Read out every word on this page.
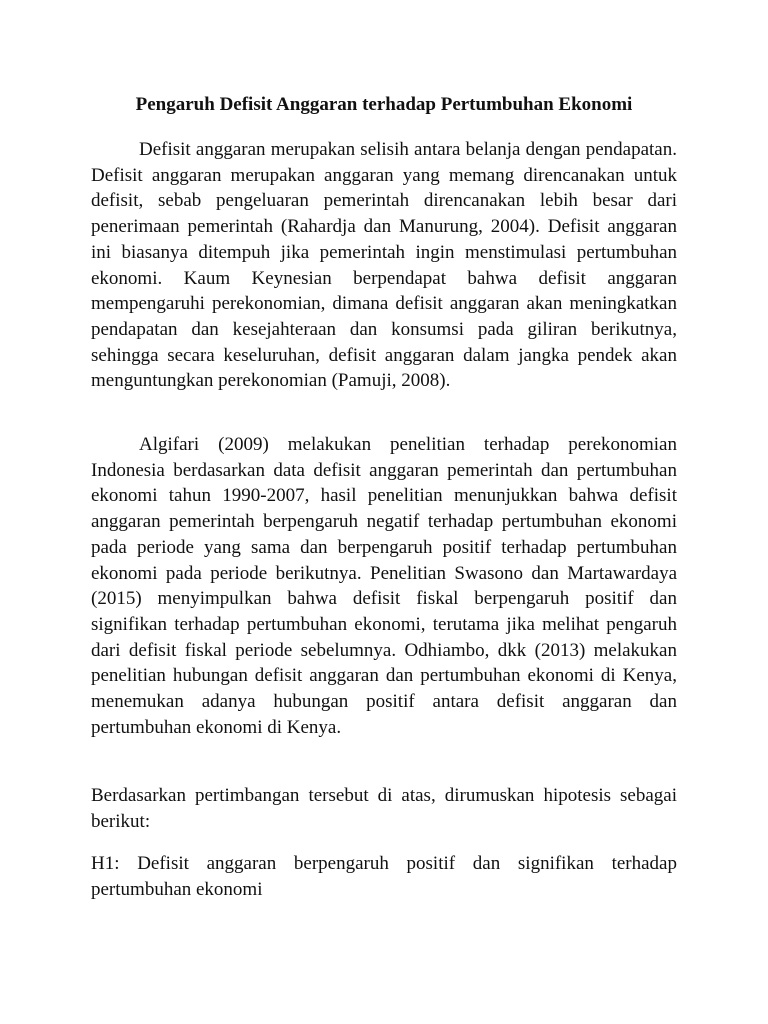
Pengaruh Defisit Anggaran terhadap Pertumbuhan Ekonomi

Defisit anggaran merupakan selisih antara belanja dengan pendapatan. Defisit anggaran merupakan anggaran yang memang direncanakan untuk defisit, sebab pengeluaran pemerintah direncanakan lebih besar dari penerimaan pemerintah (Rahardja dan Manurung, 2004). Defisit anggaran ini biasanya ditempuh jika pemerintah ingin menstimulasi pertumbuhan ekonomi. Kaum Keynesian berpendapat bahwa defisit anggaran mempengaruhi perekonomian, dimana defisit anggaran akan meningkatkan pendapatan dan kesejahteraan dan konsumsi pada giliran berikutnya, sehingga secara keseluruhan, defisit anggaran dalam jangka pendek akan menguntungkan perekonomian (Pamuji, 2008).

Algifari (2009) melakukan penelitian terhadap perekonomian Indonesia berdasarkan data defisit anggaran pemerintah dan pertumbuhan ekonomi tahun 1990-2007, hasil penelitian menunjukkan bahwa defisit anggaran pemerintah berpengaruh negatif terhadap pertumbuhan ekonomi pada periode yang sama dan berpengaruh positif terhadap pertumbuhan ekonomi pada periode berikutnya. Penelitian Swasono dan Martawardaya (2015) menyimpulkan bahwa defisit fiskal berpengaruh positif dan signifikan terhadap pertumbuhan ekonomi, terutama jika melihat pengaruh dari defisit fiskal periode sebelumnya. Odhiambo, dkk (2013) melakukan penelitian hubungan defisit anggaran dan pertumbuhan ekonomi di Kenya, menemukan adanya hubungan positif antara defisit anggaran dan pertumbuhan ekonomi di Kenya.

Berdasarkan pertimbangan tersebut di atas, dirumuskan hipotesis sebagai berikut:

H1: Defisit anggaran berpengaruh positif dan signifikan terhadap pertumbuhan ekonomi
